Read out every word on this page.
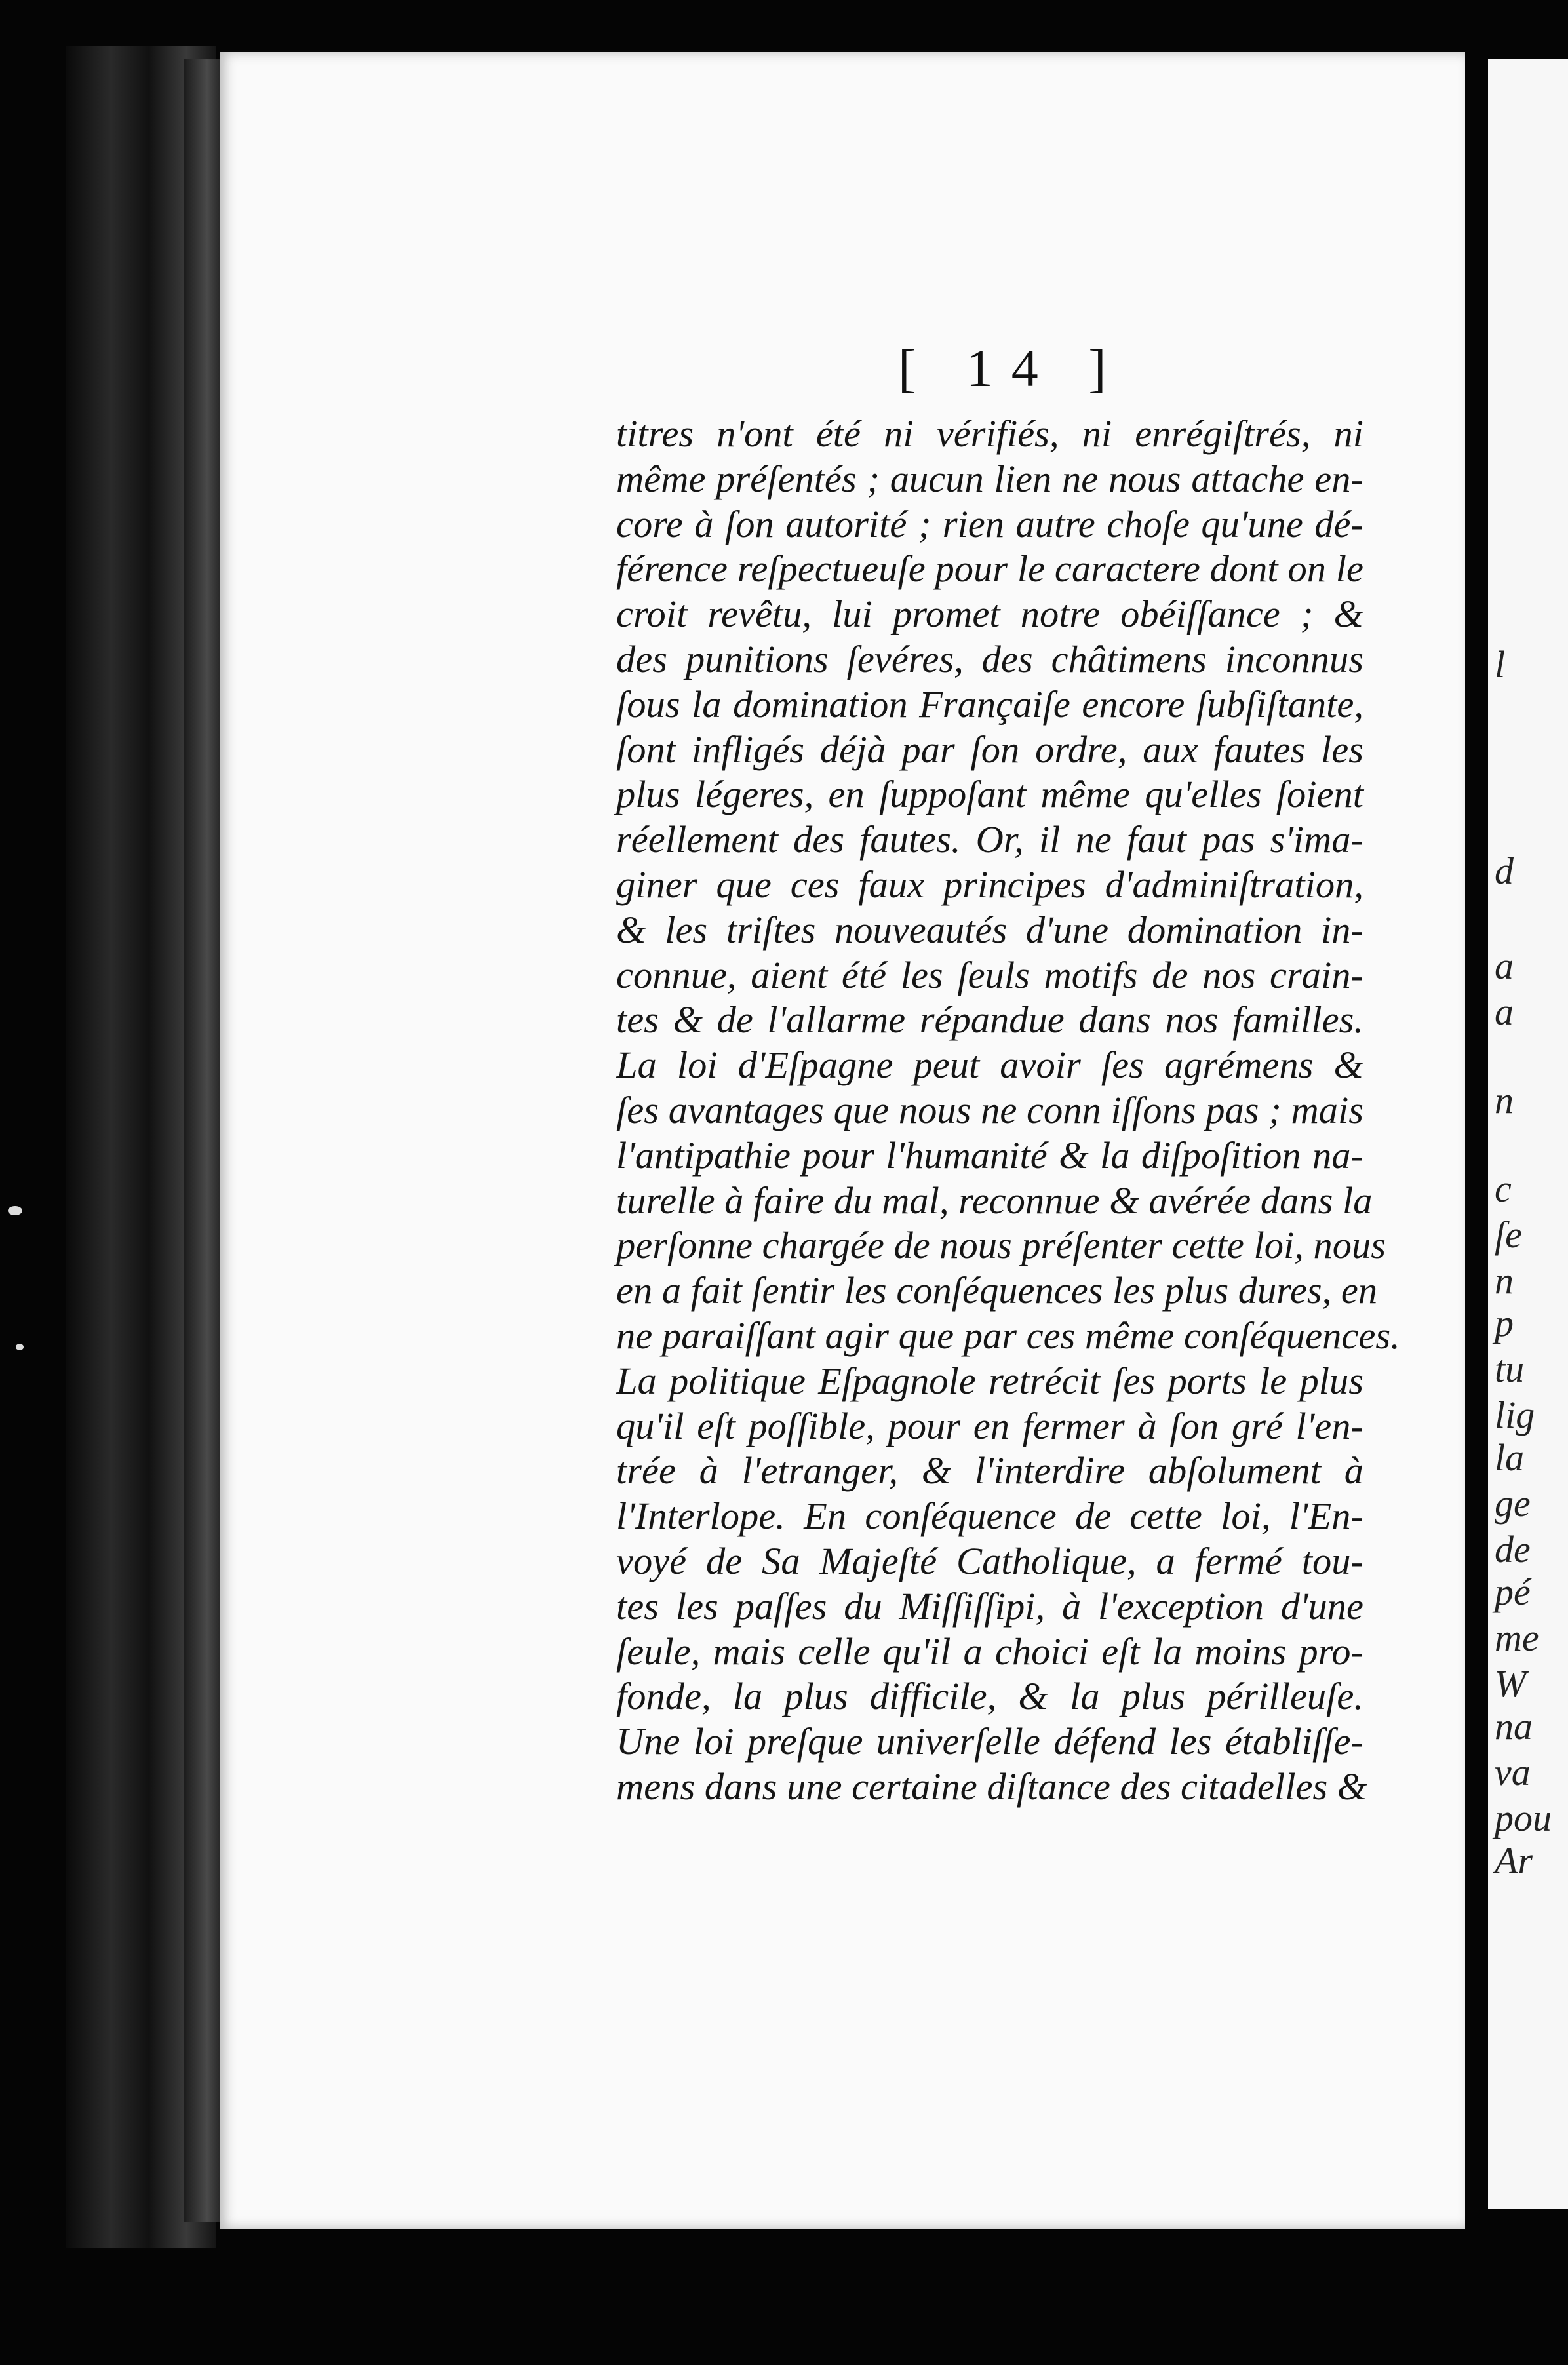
[ 14 ]
titres n'ont été ni vérifiés, ni enrégiſtrés, ni
même préſentés ; aucun lien ne nous attache en-
core à ſon autorité ; rien autre choſe qu'une dé-
férence reſpectueuſe pour le caractere dont on le
croit revêtu, lui promet notre obéiſſance ; &
des punitions ſevéres, des châtimens inconnus
ſous la domination Françaiſe encore ſubſiſtante,
ſont infligés déjà par ſon ordre, aux fautes les
plus légeres, en ſuppoſant même qu'elles ſoient
réellement des fautes. Or, il ne faut pas s'ima-
giner que ces faux principes d'adminiſtration,
& les triſtes nouveautés d'une domination in-
connue, aient été les ſeuls motifs de nos crain-
tes & de l'allarme répandue dans nos familles.
La loi d'Eſpagne peut avoir ſes agrémens &
ſes avantages que nous ne conn iſſons pas ; mais
l'antipathie pour l'humanité & la diſpoſition na-
turelle à faire du mal, reconnue & avérée dans la
perſonne chargée de nous préſenter cette loi, nous
en a fait ſentir les conſéquences les plus dures, en
ne paraiſſant agir que par ces même conſéquences.
La politique Eſpagnole retrécit ſes ports le plus
qu'il eſt poſſible, pour en fermer à ſon gré l'en-
trée à l'etranger, & l'interdire abſolument à
l'Interlope. En conſéquence de cette loi, l'En-
voyé de Sa Majeſté Catholique, a fermé tou-
tes les paſſes du Miſſiſſipi, à l'exception d'une
ſeule, mais celle qu'il a choici eſt la moins pro-
fonde, la plus difficile, & la plus périlleuſe.
Une loi preſque univerſelle défend les établiſſe-
mens dans une certaine diſtance des citadelles &
l
d
a
a
n
c
ſe
n
p
tu
lig
la
ge
de
pé
me
W
na
va
pou
Ar
